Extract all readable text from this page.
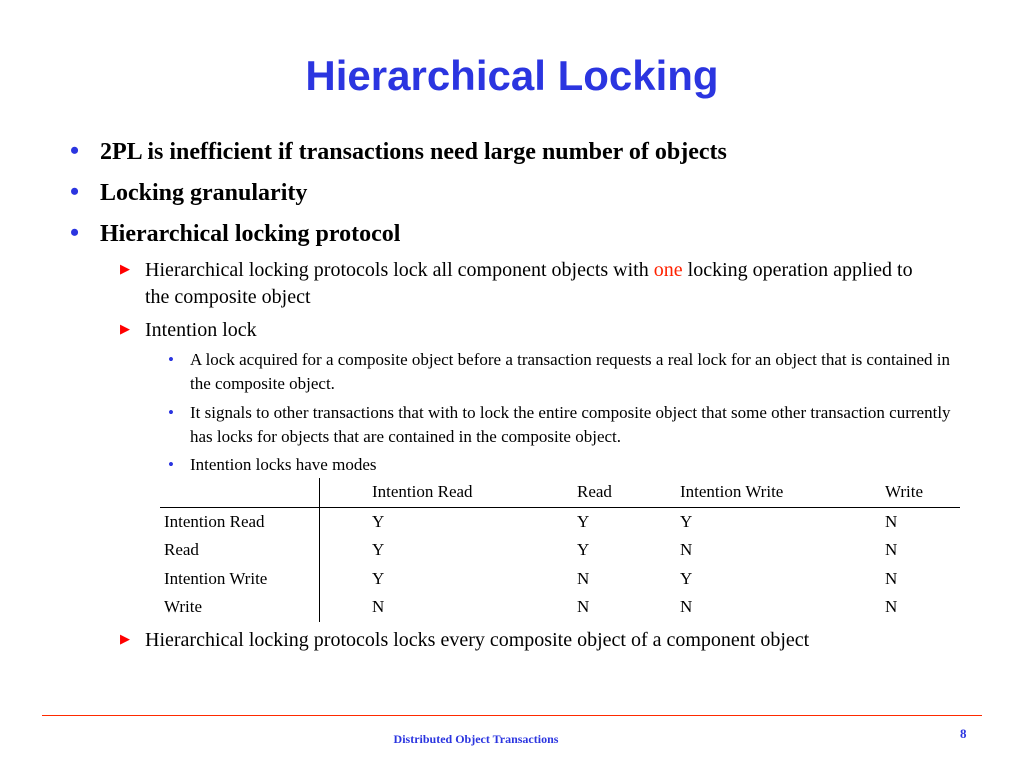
Hierarchical Locking
• 2PL is inefficient if transactions need large number of objects
• Locking granularity
• Hierarchical locking protocol
▶ Hierarchical locking protocols lock all component objects with one locking operation applied to the composite object
▶ Intention lock
• A lock acquired for a composite object before a transaction requests a real lock for an object that is contained in the composite object.
• It signals to other transactions that with to lock the entire composite object that some other transaction currently has locks for objects that are contained in the composite object.
• Intention locks have modes
	Intention Read	Read	Intention Write	Write
Intention Read	Y	Y	Y	N
Read	Y	Y	N	N
Intention Write	Y	N	Y	N
Write	N	N	N	N
▶ Hierarchical locking protocols locks every composite object of a component object
Distributed Object Transactions	8
